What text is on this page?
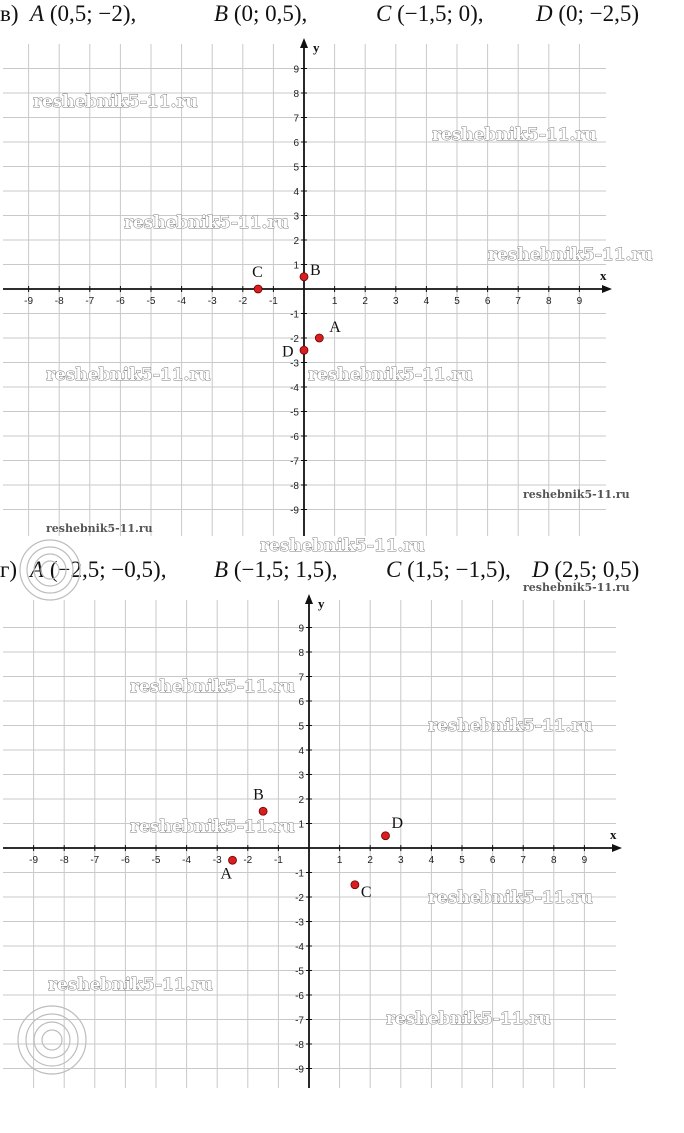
в) A (0,5; −2),	B (0; 0,5),	C (−1,5; 0), D (0; −2,5)
г) A (−2,5; −0,5), B (−1,5; 1,5), C (1,5; −1,5), D (2,5; 0,5)
x
y
-9 -8 -7 -6 -5 -4 -3 -2 -1	1	2	3	4	5	6	7	8	9
-9
-8
-7
-6
-5
-4
-3
-2
-1
1
2
3
4
5
6
7
8
9
A
B
C
D
x
y
-9 -8 -7 -6 -5 -4 -3 -2 -1	1	2	3	4	5	6	7	8	9
-9
-8
-7
-6
-5
-4
-3
-2
-1
1
2
3
4
5
6
7
8
9
A
B
C
D
reshebnik5-11.ru
reshebnik5-11.ru
reshebnik5-11.ru
reshebnik5-11.ru
reshebnik5-11.ru	reshebnik5-11.ru
reshebnik5-11.ru
reshebnik5-11.ru
reshebnik5-11.ru
reshebnik5-11.ru
reshebnik5-11.ru
reshebnik5-11.ru
reshebnik5-11.ru
reshebnik5-11.ru
reshebnik5-11.ru
reshebnik5-11.ru
